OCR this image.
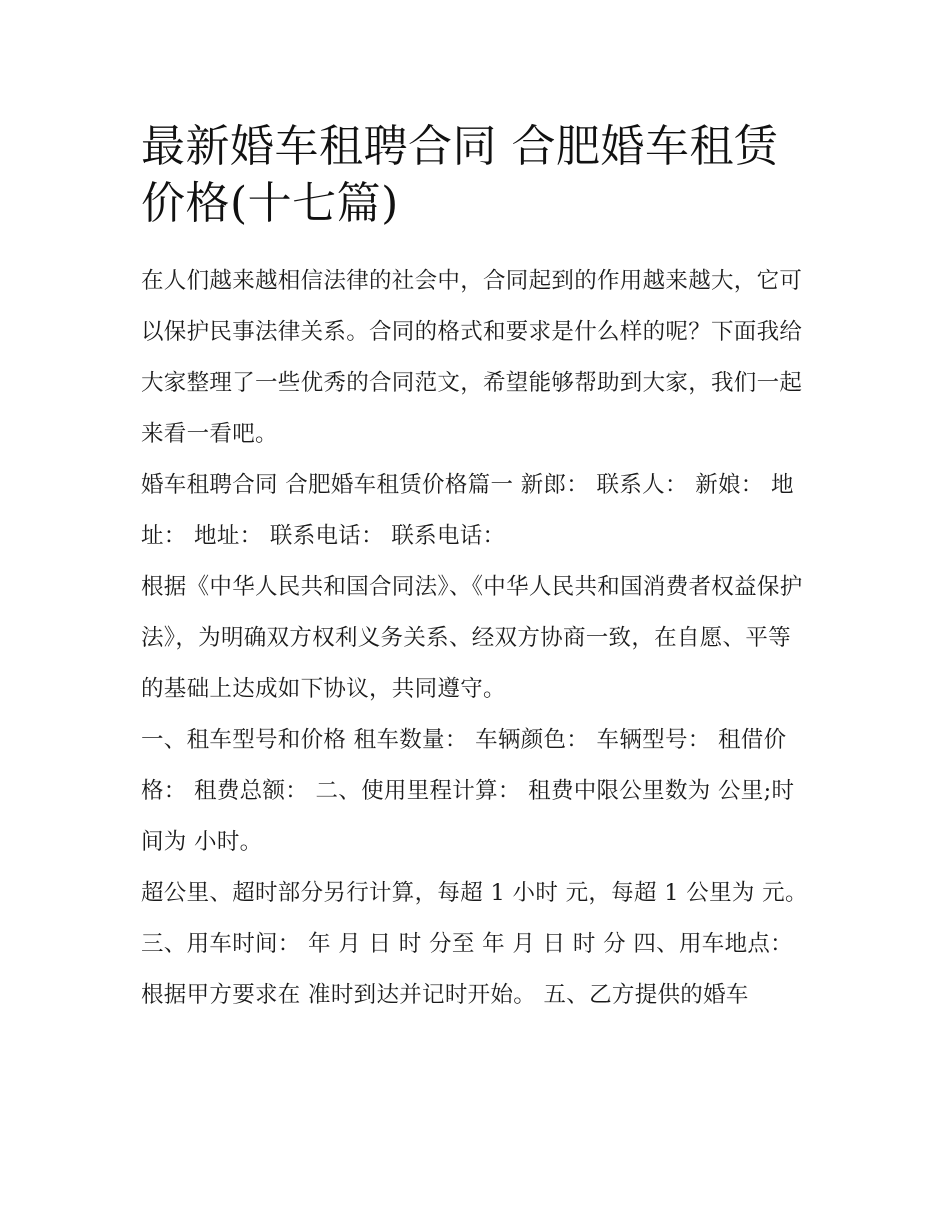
最新婚车租聘合同 合肥婚车租赁价格(十七篇)

在人们越来越相信法律的社会中，合同起到的作用越来越大，它可以保护民事法律关系。合同的格式和要求是什么样的呢？下面我给大家整理了一些优秀的合同范文，希望能够帮助到大家，我们一起来看一看吧。

婚车租聘合同 合肥婚车租赁价格篇一 新郎： 联系人： 新娘： 地址： 地址： 联系电话： 联系电话：

根据《中华人民共和国合同法》、《中华人民共和国消费者权益保护法》，为明确双方权利义务关系、经双方协商一致，在自愿、平等的基础上达成如下协议，共同遵守。

一、租车型号和价格 租车数量： 车辆颜色： 车辆型号： 租借价格： 租费总额： 二、使用里程计算： 租费中限公里数为 公里;时间为 小时。

超公里、超时部分另行计算，每超 1 小时 元，每超 1 公里为 元。 三、用车时间： 年 月 日 时 分至 年 月 日 时 分 四、用车地点：

根据甲方要求在 准时到达并记时开始。 五、乙方提供的婚车
